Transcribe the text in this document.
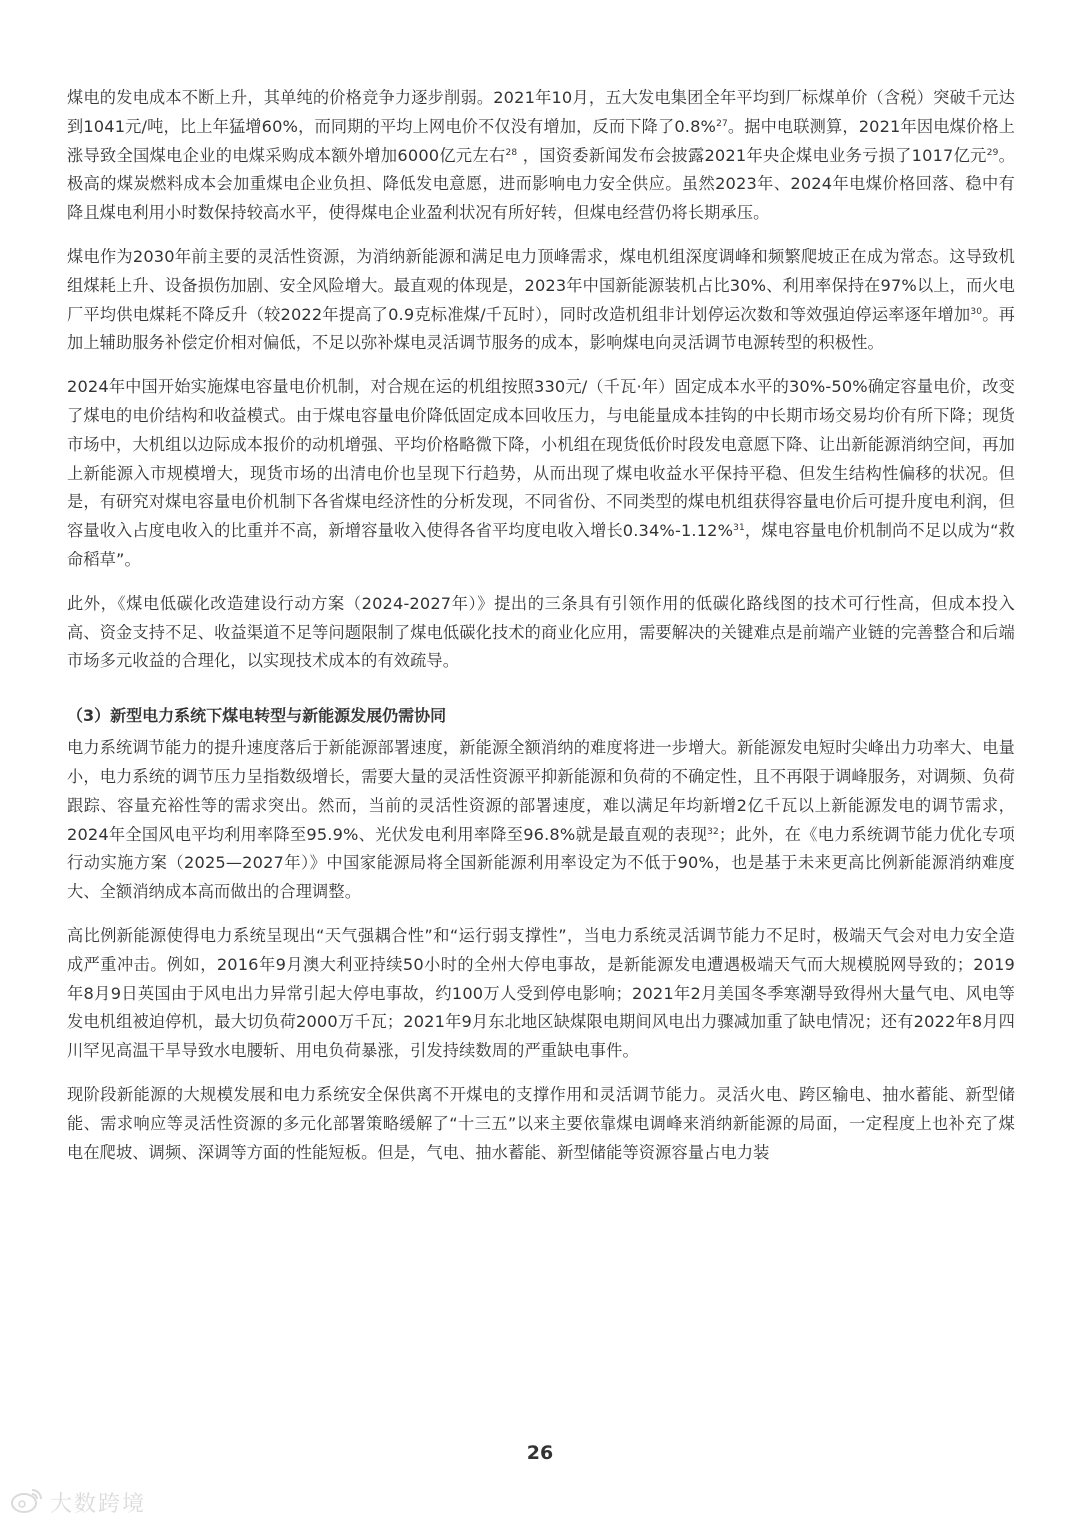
煤电的发电成本不断上升，其单纯的价格竞争力逐步削弱。2021年10月，五大发电集团全年平均到厂标煤单价（含税）突破千元达到1041元/吨，比上年猛增60%，而同期的平均上网电价不仅没有增加，反而下降了0.8%$^{27}$。据中电联测算，2021年因电煤价格上涨导致全国煤电企业的电煤采购成本额外增加6000亿元左右$^{28}$ ，国资委新闻发布会披露2021年央企煤电业务亏损了1017亿元$^{29}$。极高的煤炭燃料成本会加重煤电企业负担、降低发电意愿，进而影响电力安全供应。虽然2023年、2024年电煤价格回落、稳中有降且煤电利用小时数保持较高水平，使得煤电企业盈利状况有所好转，但煤电经营仍将长期承压。

煤电作为2030年前主要的灵活性资源，为消纳新能源和满足电力顶峰需求，煤电机组深度调峰和频繁爬坡正在成为常态。这导致机组煤耗上升、设备损伤加剧、安全风险增大。最直观的体现是，2023年中国新能源装机占比30%、利用率保持在97%以上，而火电厂平均供电煤耗不降反升（较2022年提高了0.9克标准煤/千瓦时），同时改造机组非计划停运次数和等效强迫停运率逐年增加$^{30}$。再加上辅助服务补偿定价相对偏低，不足以弥补煤电灵活调节服务的成本，影响煤电向灵活调节电源转型的积极性。

2024年中国开始实施煤电容量电价机制，对合规在运的机组按照330元/（千瓦·年）固定成本水平的30%-50%确定容量电价，改变了煤电的电价结构和收益模式。由于煤电容量电价降低固定成本回收压力，与电能量成本挂钩的中长期市场交易均价有所下降；现货市场中，大机组以边际成本报价的动机增强、平均价格略微下降，小机组在现货低价时段发电意愿下降、让出新能源消纳空间，再加上新能源入市规模增大，现货市场的出清电价也呈现下行趋势，从而出现了煤电收益水平保持平稳、但发生结构性偏移的状况。但是，有研究对煤电容量电价机制下各省煤电经济性的分析发现，不同省份、不同类型的煤电机组获得容量电价后可提升度电利润，但容量收入占度电收入的比重并不高，新增容量收入使得各省平均度电收入增长0.34%-1.12%$^{31}$，煤电容量电价机制尚不足以成为“救命稻草”。

此外，《煤电低碳化改造建设行动方案（2024-2027年）》提出的三条具有引领作用的低碳化路线图的技术可行性高，但成本投入高、资金支持不足、收益渠道不足等问题限制了煤电低碳化技术的商业化应用，需要解决的关键难点是前端产业链的完善整合和后端市场多元收益的合理化，以实现技术成本的有效疏导。

（3）新型电力系统下煤电转型与新能源发展仍需协同

电力系统调节能力的提升速度落后于新能源部署速度，新能源全额消纳的难度将进一步增大。新能源发电短时尖峰出力功率大、电量小，电力系统的调节压力呈指数级增长，需要大量的灵活性资源平抑新能源和负荷的不确定性，且不再限于调峰服务，对调频、负荷跟踪、容量充裕性等的需求突出。然而，当前的灵活性资源的部署速度，难以满足年均新增2亿千瓦以上新能源发电的调节需求，2024年全国风电平均利用率降至95.9%、光伏发电利用率降至96.8%就是最直观的表现$^{32}$；此外，在《电力系统调节能力优化专项行动实施方案（2025—2027年）》中国家能源局将全国新能源利用率设定为不低于90%，也是基于未来更高比例新能源消纳难度大、全额消纳成本高而做出的合理调整。

高比例新能源使得电力系统呈现出“天气强耦合性”和“运行弱支撑性”，当电力系统灵活调节能力不足时，极端天气会对电力安全造成严重冲击。例如，2016年9月澳大利亚持续50小时的全州大停电事故，是新能源发电遭遇极端天气而大规模脱网导致的；2019年8月9日英国由于风电出力异常引起大停电事故，约100万人受到停电影响；2021年2月美国冬季寒潮导致得州大量气电、风电等发电机组被迫停机，最大切负荷2000万千瓦；2021年9月东北地区缺煤限电期间风电出力骤减加重了缺电情况；还有2022年8月四川罕见高温干旱导致水电腰斩、用电负荷暴涨，引发持续数周的严重缺电事件。

现阶段新能源的大规模发展和电力系统安全保供离不开煤电的支撑作用和灵活调节能力。灵活火电、跨区输电、抽水蓄能、新型储能、需求响应等灵活性资源的多元化部署策略缓解了“十三五”以来主要依靠煤电调峰来消纳新能源的局面，一定程度上也补充了煤电在爬坡、调频、深调等方面的性能短板。但是，气电、抽水蓄能、新型储能等资源容量占电力装

26
大数跨境
